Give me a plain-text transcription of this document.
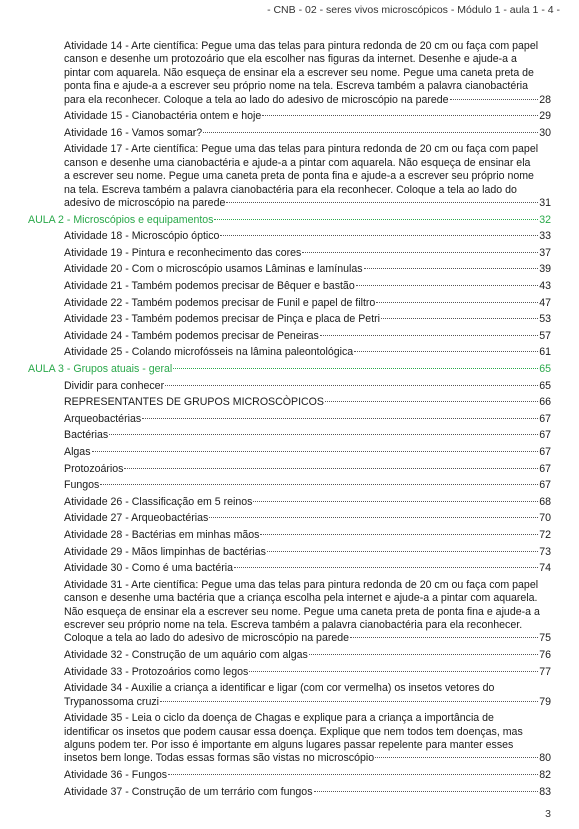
- CNB - 02 - seres vivos microscópicos - Módulo 1 - aula 1 - 4 -
Atividade 14 - Arte científica: Pegue uma das telas para pintura redonda de 20 cm ou faça com papel
canson e desenhe um protozoário que ela escolher nas figuras da internet. Desenhe e ajude-a a
pintar com aquarela. Não esqueça de ensinar ela a escrever seu nome. Pegue uma caneta preta de
ponta fina e ajude-a a escrever seu próprio nome na tela. Escreva também a palavra cianobactéria
para ela reconhecer. Coloque a tela ao lado do adesivo de microscópio na parede	28
Atividade 15 - Cianobactéria ontem e hoje	29
Atividade 16 - Vamos somar?	30
Atividade 17 - Arte científica: Pegue uma das telas para pintura redonda de 20 cm ou faça com papel
canson e desenhe uma cianobactéria e ajude-a a pintar com aquarela. Não esqueça de ensinar ela
a escrever seu nome. Pegue uma caneta preta de ponta fina e ajude-a a escrever seu próprio nome
na tela. Escreva também a palavra cianobactéria para ela reconhecer. Coloque a tela ao lado do
adesivo de microscópio na parede	31
AULA 2 - Microscópios e equipamentos	32
Atividade 18 - Microscópio óptico	33
Atividade 19 - Pintura e reconhecimento das cores	37
Atividade 20 - Com o microscópio usamos Lâminas e lamínulas	39
Atividade 21 - Também podemos precisar de Bêquer e bastão	43
Atividade 22 - Também podemos precisar de Funil e papel de filtro	47
Atividade 23 - Também podemos precisar de Pinça e placa de Petri	53
Atividade 24 - Também podemos precisar de Peneiras	57
Atividade 25 - Colando microfósseis na lâmina paleontológica	61
AULA 3 - Grupos atuais - geral	65
Dividir para conhecer	65
REPRESENTANTES DE GRUPOS MICROSCÒPICOS	66
Arqueobactérias	67
Bactérias	67
Algas	67
Protozoários	67
Fungos	67
Atividade 26 - Classificação em 5 reinos	68
Atividade 27 - Arqueobactérias	70
Atividade 28 - Bactérias em minhas mãos	72
Atividade 29 - Mãos limpinhas de bactérias	73
Atividade 30 - Como é uma bactéria	74
Atividade 31 - Arte científica: Pegue uma das telas para pintura redonda de 20 cm ou faça com papel
canson e desenhe uma bactéria que a criança escolha pela internet e ajude-a a pintar com aquarela.
Não esqueça de ensinar ela a escrever seu nome. Pegue uma caneta preta de ponta fina e ajude-a a
escrever seu próprio nome na tela. Escreva também a palavra cianobactéria para ela reconhecer.
Coloque a tela ao lado do adesivo de microscópio na parede	75
Atividade 32 - Construção de um aquário com algas	76
Atividade 33 - Protozoários como legos	77
Atividade 34 - Auxilie a criança a identificar e ligar (com cor vermelha) os insetos vetores do
Trypanossoma cruzi	79
Atividade 35 - Leia o ciclo da doença de Chagas e explique para a criança a importância de
identificar os insetos que podem causar essa doença. Explique que nem todos tem doenças, mas
alguns podem ter. Por isso é importante em alguns lugares passar repelente para manter esses
insetos bem longe. Todas essas formas são vistas no microscópio	80
Atividade 36 - Fungos	82
Atividade 37 - Construção de um terrário com fungos	83
3
